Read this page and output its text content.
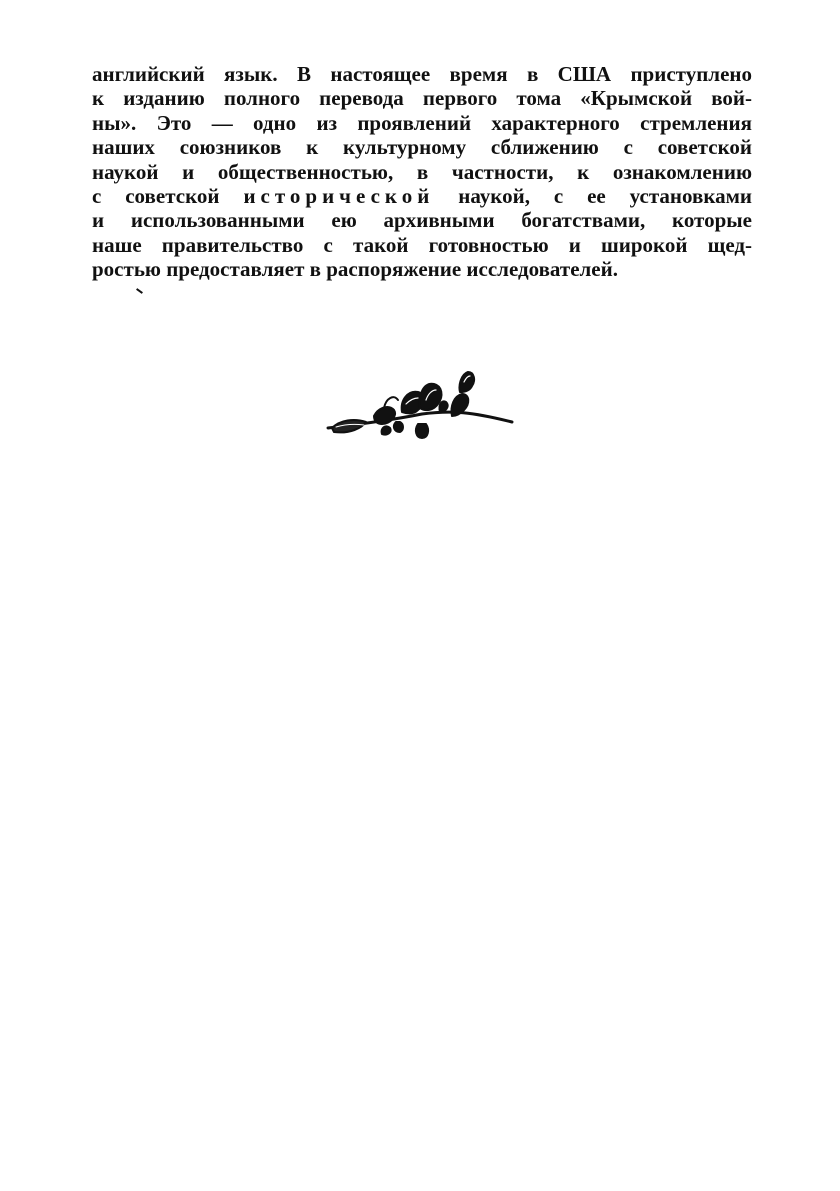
английский язык. В настоящее время в США приступлено
к изданию полного перевода первого тома «Крымской вой-
ны». Это — одно из проявлений характерного стремления
наших союзников к культурному сближению с советской
наукой и общественностью, в частности, к ознакомлению
с советской исторической наукой, с ее установками
и использованными ею архивными богатствами, которые
наше правительство с такой готовностью и широкой щед-
ростью предоставляет в распоряжение исследователей.
